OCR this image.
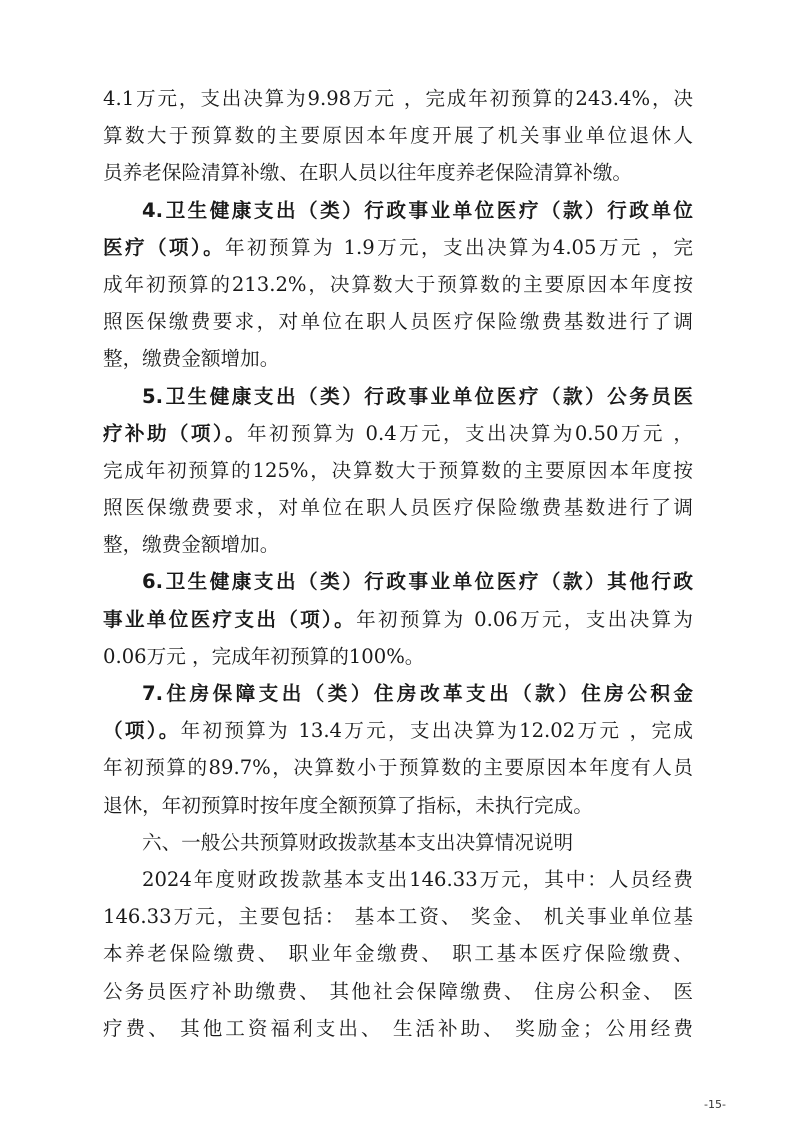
4.1万元，支出决算为9.98万元 ，完成年初预算的243.4%，决
算数大于预算数的主要原因本年度开展了机关事业单位退休人
员养老保险清算补缴、在职人员以往年度养老保险清算补缴。
4.卫生健康支出（类）行政事业单位医疗（款）行政单位
医疗（项）。年初预算为 1.9万元，支出决算为4.05万元 ，完
成年初预算的213.2%，决算数大于预算数的主要原因本年度按
照医保缴费要求，对单位在职人员医疗保险缴费基数进行了调
整，缴费金额增加。
5.卫生健康支出（类）行政事业单位医疗（款）公务员医
疗补助（项）。年初预算为 0.4万元，支出决算为0.50万元 ，
完成年初预算的125%，决算数大于预算数的主要原因本年度按
照医保缴费要求，对单位在职人员医疗保险缴费基数进行了调
整，缴费金额增加。
6.卫生健康支出（类）行政事业单位医疗（款）其他行政
事业单位医疗支出（项）。年初预算为 0.06万元，支出决算为
0.06万元 ，完成年初预算的100%。
7.住房保障支出（类）住房改革支出（款）住房公积金
（项）。年初预算为 13.4万元，支出决算为12.02万元 ，完成
年初预算的89.7%，决算数小于预算数的主要原因本年度有人员
退休，年初预算时按年度全额预算了指标，未执行完成。
六、一般公共预算财政拨款基本支出决算情况说明
2024年度财政拨款基本支出146.33万元，其中：人员经费
146.33万元，主要包括： 基本工资、 奖金、 机关事业单位基
本养老保险缴费、 职业年金缴费、 职工基本医疗保险缴费、
公务员医疗补助缴费、 其他社会保障缴费、 住房公积金、 医
疗费、 其他工资福利支出、 生活补助、 奖励金；公用经费
-15-
